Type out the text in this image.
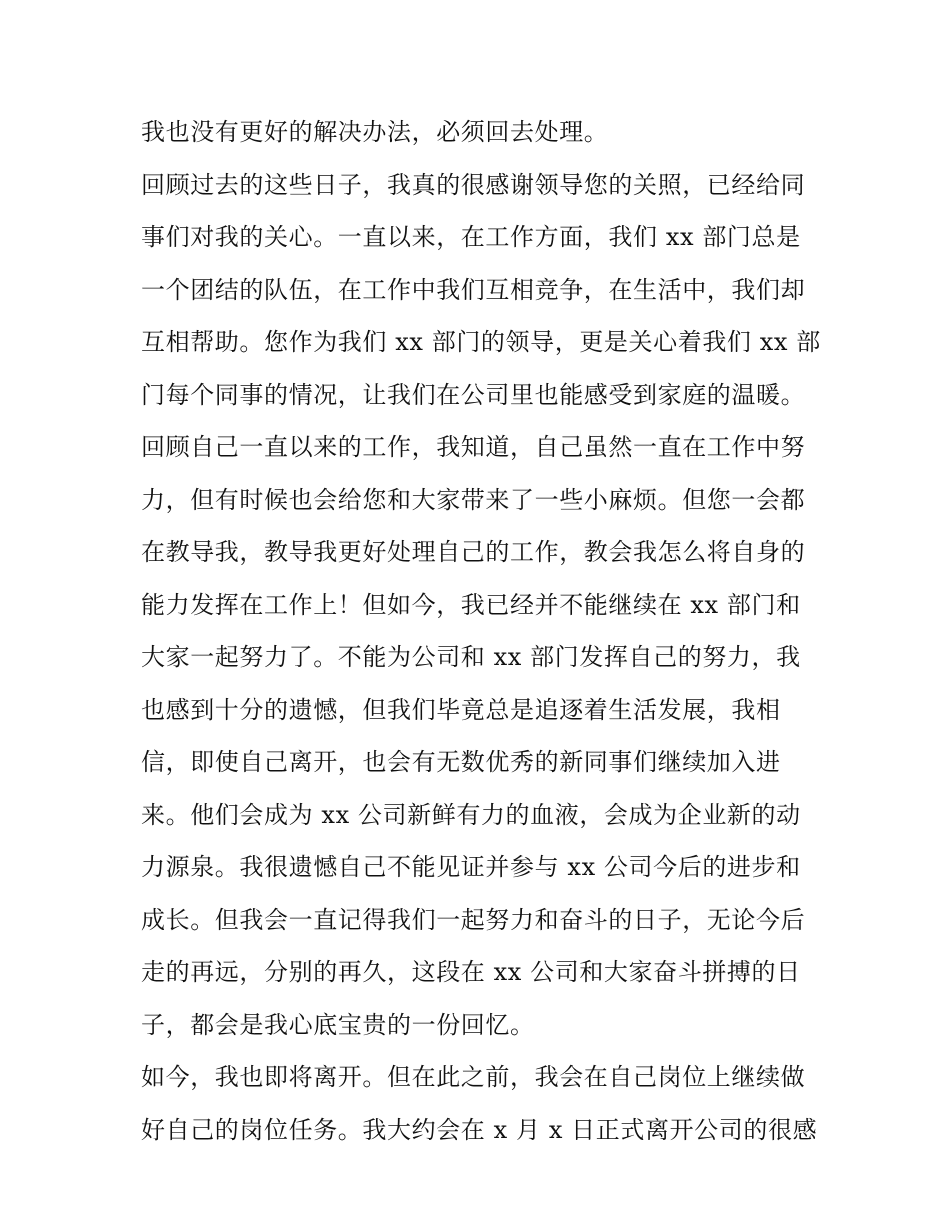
我也没有更好的解决办法，必须回去处理。
回顾过去的这些日子，我真的很感谢领导您的关照，已经给同
事们对我的关心。一直以来，在工作方面，我们 xx 部门总是
一个团结的队伍，在工作中我们互相竞争，在生活中，我们却
互相帮助。您作为我们 xx 部门的领导，更是关心着我们 xx 部
门每个同事的情况，让我们在公司里也能感受到家庭的温暖。
回顾自己一直以来的工作，我知道，自己虽然一直在工作中努
力，但有时候也会给您和大家带来了一些小麻烦。但您一会都
在教导我，教导我更好处理自己的工作，教会我怎么将自身的
能力发挥在工作上！但如今，我已经并不能继续在 xx 部门和
大家一起努力了。不能为公司和 xx 部门发挥自己的努力，我
也感到十分的遗憾，但我们毕竟总是追逐着生活发展，我相
信，即使自己离开，也会有无数优秀的新同事们继续加入进
来。他们会成为 xx 公司新鲜有力的血液，会成为企业新的动
力源泉。我很遗憾自己不能见证并参与 xx 公司今后的进步和
成长。但我会一直记得我们一起努力和奋斗的日子，无论今后
走的再远，分别的再久，这段在 xx 公司和大家奋斗拼搏的日
子，都会是我心底宝贵的一份回忆。
如今，我也即将离开。但在此之前，我会在自己岗位上继续做
好自己的岗位任务。我大约会在 x 月 x 日正式离开公司的很感
